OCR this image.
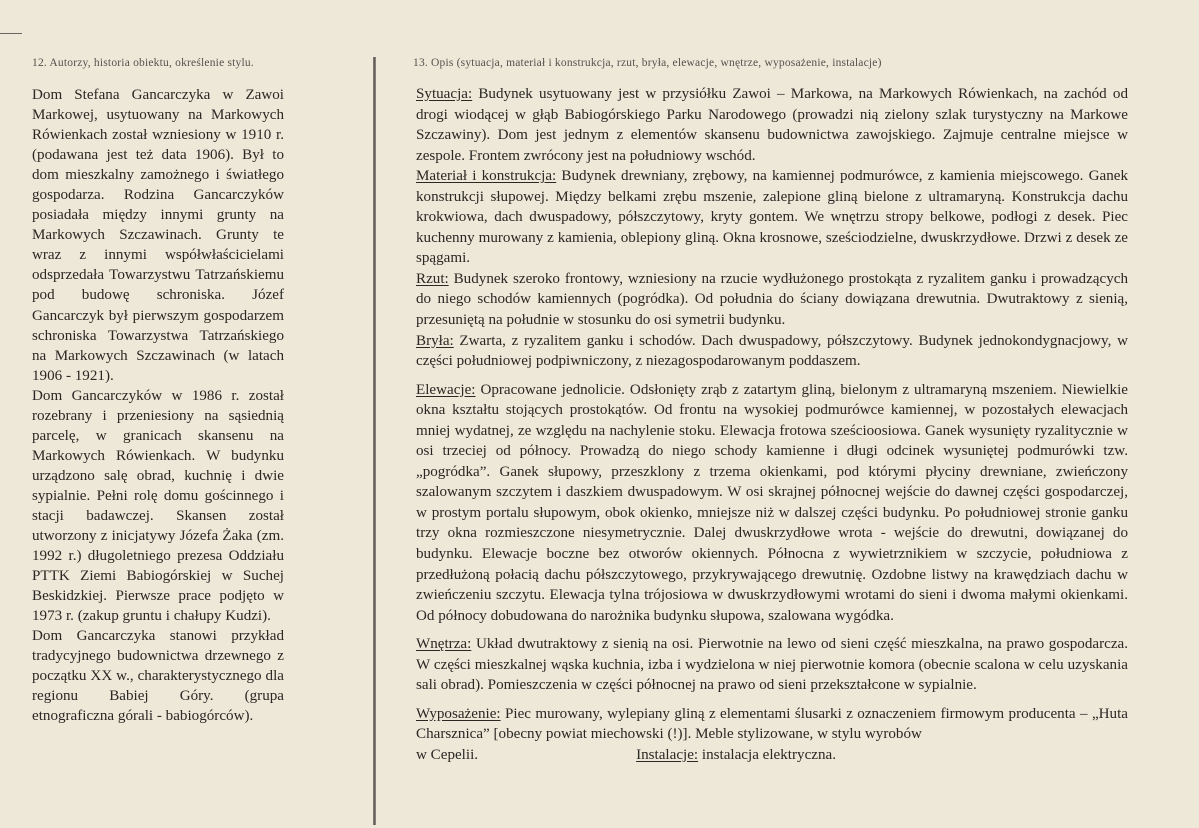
12. Autorzy, historia obiektu, określenie stylu.	13. Opis (sytuacja, materiał i konstrukcja, rzut, bryła, elewacje, wnętrze, wyposażenie, instalacje)

Dom Stefana Gancarczyka w Zawoi Markowej, usytuowany na Markowych Rówienkach został wzniesiony w 1910 r. (podawana jest też data 1906). Był to dom mieszkalny zamożnego i światłego gospodarza. Rodzina Gancarczyków posiadała między innymi grunty na Markowych Szczawinach. Grunty te wraz z innymi współwłaścicielami odsprzedała Towarzystwu Tatrzańskiemu pod budowę schroniska. Józef Gancarczyk był pierwszym gospodarzem schroniska Towarzystwa Tatrzańskiego na Markowych Szczawinach (w latach 1906 - 1921).

Dom Gancarczyków w 1986 r. został rozebrany i przeniesiony na sąsiednią parcelę, w granicach skansenu na Markowych Rówienkach. W budynku urządzono salę obrad, kuchnię i dwie sypialnie. Pełni rolę domu gościnnego i stacji badawczej. Skansen został utworzony z inicjatywy Józefa Żaka (zm. 1992 r.) długoletniego prezesa Oddziału PTTK Ziemi Babiogórskiej w Suchej Beskidzkiej. Pierwsze prace podjęto w 1973 r. (zakup gruntu i chałupy Kudzi).

Dom Gancarczyka stanowi przykład tradycyjnego budownictwa drzewnego z początku XX w., charakterystycznego dla regionu Babiej Góry. (grupa etnograficzna górali - babiogórców).

Sytuacja: Budynek usytuowany jest w przysiółku Zawoi – Markowa, na Markowych Rówienkach, na zachód od drogi wiodącej w głąb Babiogórskiego Parku Narodowego (prowadzi nią zielony szlak turystyczny na Markowe Szczawiny). Dom jest jednym z elementów skansenu budownictwa zawojskiego. Zajmuje centralne miejsce w zespole. Frontem zwrócony jest na południowy wschód.

Materiał i konstrukcja: Budynek drewniany, zrębowy, na kamiennej podmurówce, z kamienia miejscowego. Ganek konstrukcji słupowej. Między belkami zrębu mszenie, zalepione gliną bielone z ultramaryną. Konstrukcja dachu krokwiowa, dach dwuspadowy, półszczytowy, kryty gontem. We wnętrzu stropy belkowe, podłogi z desek. Piec kuchenny murowany z kamienia, oblepiony gliną. Okna krosnowe, sześciodzielne, dwuskrzydłowe. Drzwi z desek ze spągami.

Rzut: Budynek szeroko frontowy, wzniesiony na rzucie wydłużonego prostokąta z ryzalitem ganku i prowadzących do niego schodów kamiennych (pogródka). Od południa do ściany dowiązana drewutnia. Dwutraktowy z sienią, przesuniętą na południe w stosunku do osi symetrii budynku.

Bryła: Zwarta, z ryzalitem ganku i schodów. Dach dwuspadowy, półszczytowy. Budynek jednokondygnacjowy, w części południowej podpiwniczony, z niezagospodarowanym poddaszem.

Elewacje: Opracowane jednolicie. Odsłonięty zrąb z zatartym gliną, bielonym z ultramaryną mszeniem. Niewielkie okna kształtu stojących prostokątów. Od frontu na wysokiej podmurówce kamiennej, w pozostałych elewacjach mniej wydatnej, ze względu na nachylenie stoku. Elewacja frotowa sześcioosiowa. Ganek wysunięty ryzalitycznie w osi trzeciej od północy. Prowadzą do niego schody kamienne i długi odcinek wysuniętej podmurówki tzw. „pogródka”. Ganek słupowy, przeszklony z trzema okienkami, pod którymi płyciny drewniane, zwieńczony szalowanym szczytem i daszkiem dwuspadowym. W osi skrajnej północnej wejście do dawnej części gospodarczej, w prostym portalu słupowym, obok okienko, mniejsze niż w dalszej części budynku. Po południowej stronie ganku trzy okna rozmieszczone niesymetrycznie. Dalej dwuskrzydłowe wrota - wejście do drewutni, dowiązanej do budynku. Elewacje boczne bez otworów okiennych. Północna z wywietrznikiem w szczycie, południowa z przedłużoną połacią dachu półszczytowego, przykrywającego drewutnię. Ozdobne listwy na krawędziach dachu w zwieńczeniu szczytu. Elewacja tylna trójosiowa w dwuskrzydłowymi wrotami do sieni i dwoma małymi okienkami. Od północy dobudowana do narożnika budynku słupowa, szalowana wygódka.

Wnętrza: Układ dwutraktowy z sienią na osi. Pierwotnie na lewo od sieni część mieszkalna, na prawo gospodarcza. W części mieszkalnej wąska kuchnia, izba i wydzielona w niej pierwotnie komora (obecnie scalona w celu uzyskania sali obrad). Pomieszczenia w części północnej na prawo od sieni przekształcone w sypialnie.

Wyposażenie: Piec murowany, wylepiany gliną z elementami ślusarki z oznaczeniem firmowym producenta – „Huta Charsznica” [obecny powiat miechowski (!)]. Meble stylizowane, w stylu wyrobów

w Cepelii.	Instalacje: instalacja elektryczna.
